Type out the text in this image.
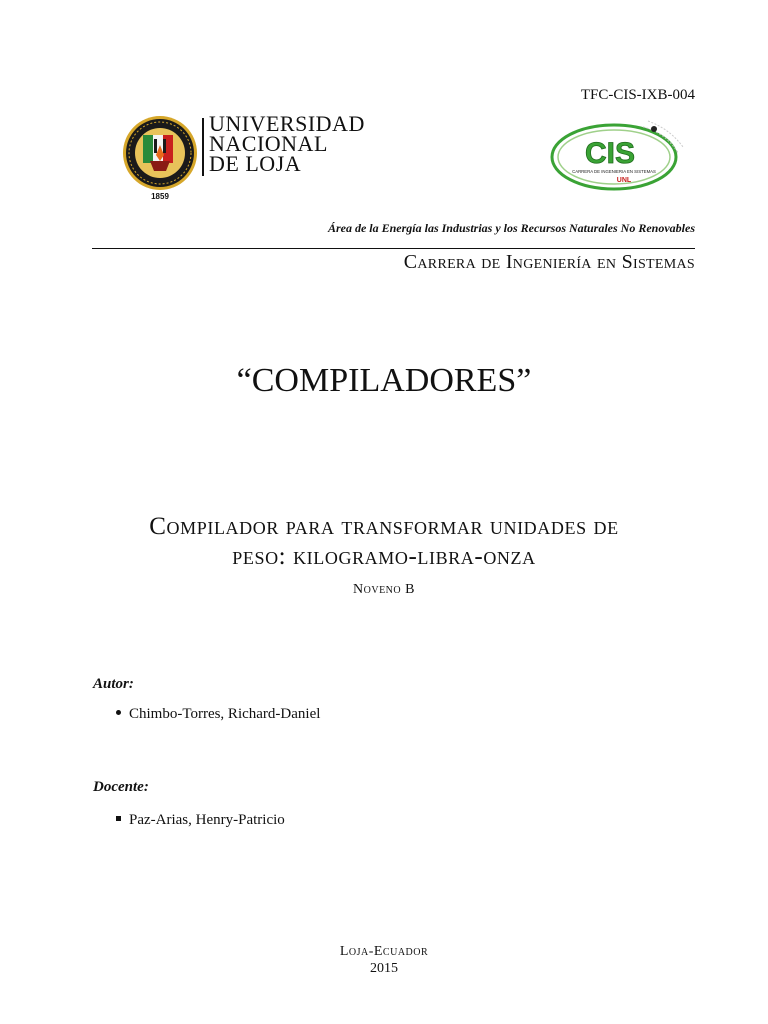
TFC-CIS-IXB-004
1859
UNIVERSIDAD
NACIONAL
DE LOJA	CIS
CARRERA DE INGENIERIA EN SISTEMAS
UNL
Área de la Energía las Industrias y los Recursos Naturales No Renovables
Carrera de Ingeniería en Sistemas
“COMPILADORES”
Compilador para transformar unidades de
peso: kilogramo-libra-onza
Noveno B
Autor:
Chimbo-Torres, Richard-Daniel
Docente:
Paz-Arias, Henry-Patricio
Loja-Ecuador
2015
